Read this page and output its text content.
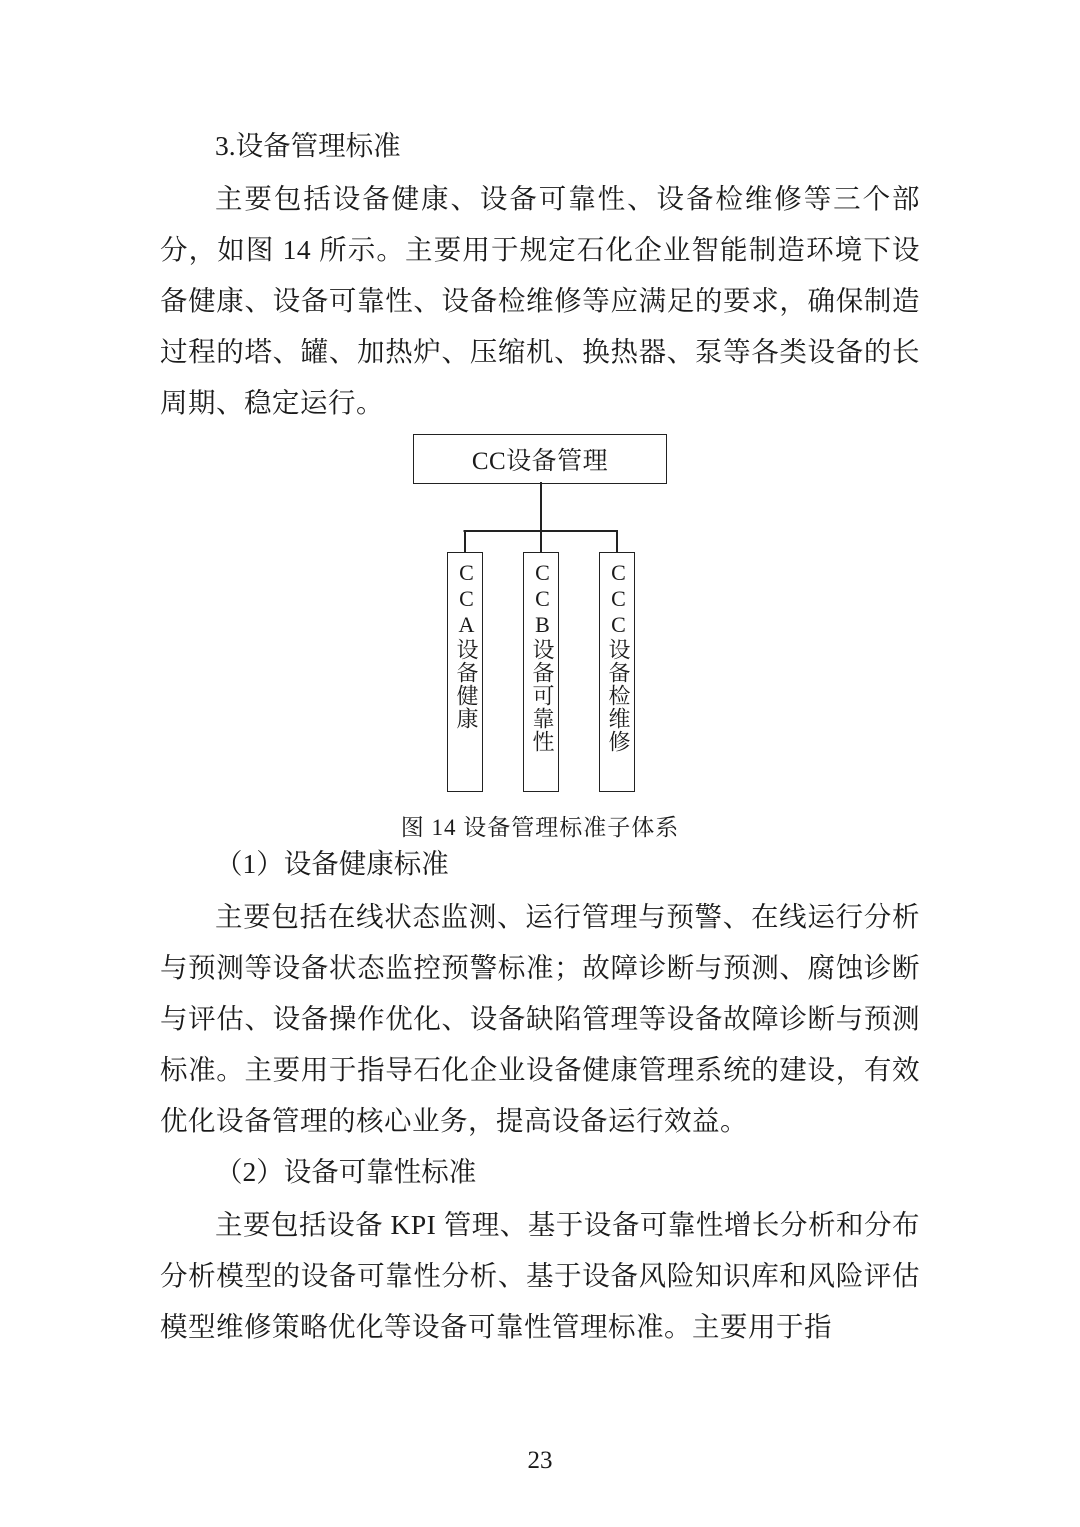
3.设备管理标准

主要包括设备健康、设备可靠性、设备检维修等三个部分，如图 14 所示。主要用于规定石化企业智能制造环境下设备健康、设备可靠性、设备检维修等应满足的要求，确保制造过程的塔、罐、加热炉、压缩机、换热器、泵等各类设备的长周期、稳定运行。

CC设备管理
CCA设备健康 CCB设备可靠性 CCC设备检维修
图 14 设备管理标准子体系

（1）设备健康标准

主要包括在线状态监测、运行管理与预警、在线运行分析与预测等设备状态监控预警标准；故障诊断与预测、腐蚀诊断与评估、设备操作优化、设备缺陷管理等设备故障诊断与预测标准。主要用于指导石化企业设备健康管理系统的建设，有效优化设备管理的核心业务，提高设备运行效益。

（2）设备可靠性标准

主要包括设备 KPI 管理、基于设备可靠性增长分析和分布分析模型的设备可靠性分析、基于设备风险知识库和风险评估模型维修策略优化等设备可靠性管理标准。主要用于指

23
